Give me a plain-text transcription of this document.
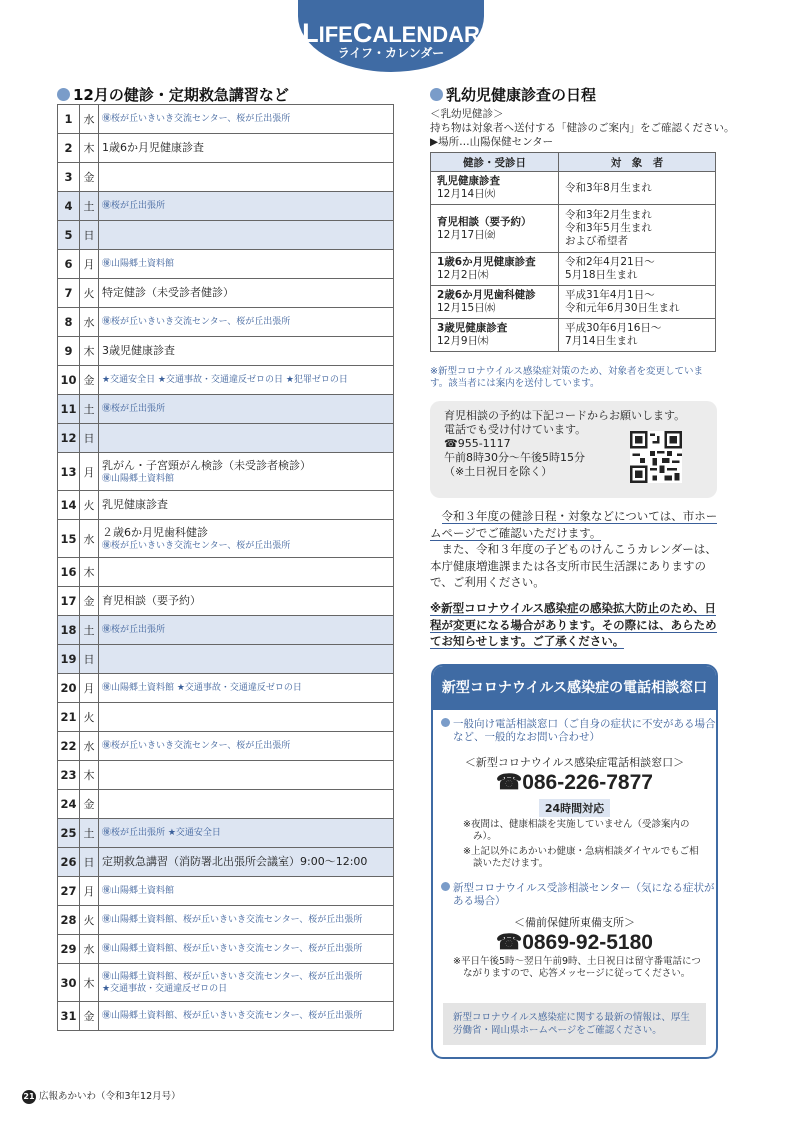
LIFECALENDAR
ライフ・カレンダー
12月の健診・定期救急講習など
1	水	㊝桜が丘いきいき交流センター、桜が丘出張所

2	木	1歳6か月児健康診査

3	金	
4	土	㊝桜が丘出張所

5	日	
6	月	㊝山陽郷土資料館

7	火	特定健診（未受診者健診）

8	水	㊝桜が丘いきいき交流センター、桜が丘出張所

9	木	3歳児健康診査

10	金	★交通安全日 ★交通事故・交通違反ゼロの日 ★犯罪ゼロの日

11	土	㊝桜が丘出張所

12	日	
13	月	乳がん・子宮頸がん検診（未受診者検診）
㊝山陽郷土資料館

14	火	乳児健康診査

15	水	２歳6か月児歯科健診
㊝桜が丘いきいき交流センター、桜が丘出張所

16	木	
17	金	育児相談（要予約）

18	土	㊝桜が丘出張所

19	日	
20	月	㊝山陽郷土資料館 ★交通事故・交通違反ゼロの日

21	火	
22	水	㊝桜が丘いきいき交流センター、桜が丘出張所

23	木	
24	金	
25	土	㊝桜が丘出張所 ★交通安全日

26	日	定期救急講習（消防署北出張所会議室）9:00～12:00

27	月	㊝山陽郷土資料館

28	火	㊝山陽郷土資料館、桜が丘いきいき交流センター、桜が丘出張所

29	水	㊝山陽郷土資料館、桜が丘いきいき交流センター、桜が丘出張所

30	木	㊝山陽郷土資料館、桜が丘いきいき交流センター、桜が丘出張所
★交通事故・交通違反ゼロの日

31	金	㊝山陽郷土資料館、桜が丘いきいき交流センター、桜が丘出張所
乳幼児健康診査の日程
＜乳幼児健診＞
持ち物は対象者へ送付する「健診のご案内」をご確認ください。
▶場所…山陽保健センター
健診・受診日	対　象　者

乳児健康診査
12月14日㈫	令和3年8月生まれ

育児相談（要予約）
12月17日㈮	令和3年2月生まれ
令和3年5月生まれ
および希望者

1歳6か月児健康診査
12月2日㈭	令和2年4月21日～
5月18日生まれ

2歳6か月児歯科健診
12月15日㈬	平成31年4月1日～
令和元年6月30日生まれ

3歳児健康診査
12月9日㈭	平成30年6月16日～
7月14日生まれ
※新型コロナウイルス感染症対策のため、対象者を変更しています。該当者には案内を送付しています。
育児相談の予約は下記コードからお願いします。
電話でも受け付けています。
☎955-1117
午前8時30分～午後5時15分
（※土日祝日を除く）

令和３年度の健診日程・対象などについては、市ホームページでご確認いただけます。

また、令和３年度の子どものけんこうカレンダーは、本庁健康増進課または各支所市民生活課にありますので、ご利用ください。

※新型コロナウイルス感染症の感染拡大防止のため、日程が変更になる場合があります。その際には、あらためてお知らせします。ご了承ください。
新型コロナウイルス感染症の電話相談窓口
一般向け電話相談窓口（ご自身の症状に不安がある場合など、一般的なお問い合わせ）
＜新型コロナウイルス感染症電話相談窓口＞
☎086-226-7877
24時間対応
※夜間は、健康相談を実施していません（受診案内のみ）。
※上記以外にあかいわ健康・急病相談ダイヤルでもご相談いただけます。
新型コロナウイルス受診相談センター（気になる症状がある場合）
＜備前保健所東備支所＞
☎0869-92-5180
※平日午後5時～翌日午前9時、土日祝日は留守番電話につながりますので、応答メッセージに従ってください。
新型コロナウイルス感染症に関する最新の情報は、厚生労働省・岡山県ホームページをご確認ください。
21 広報あかいわ（令和3年12月号）
